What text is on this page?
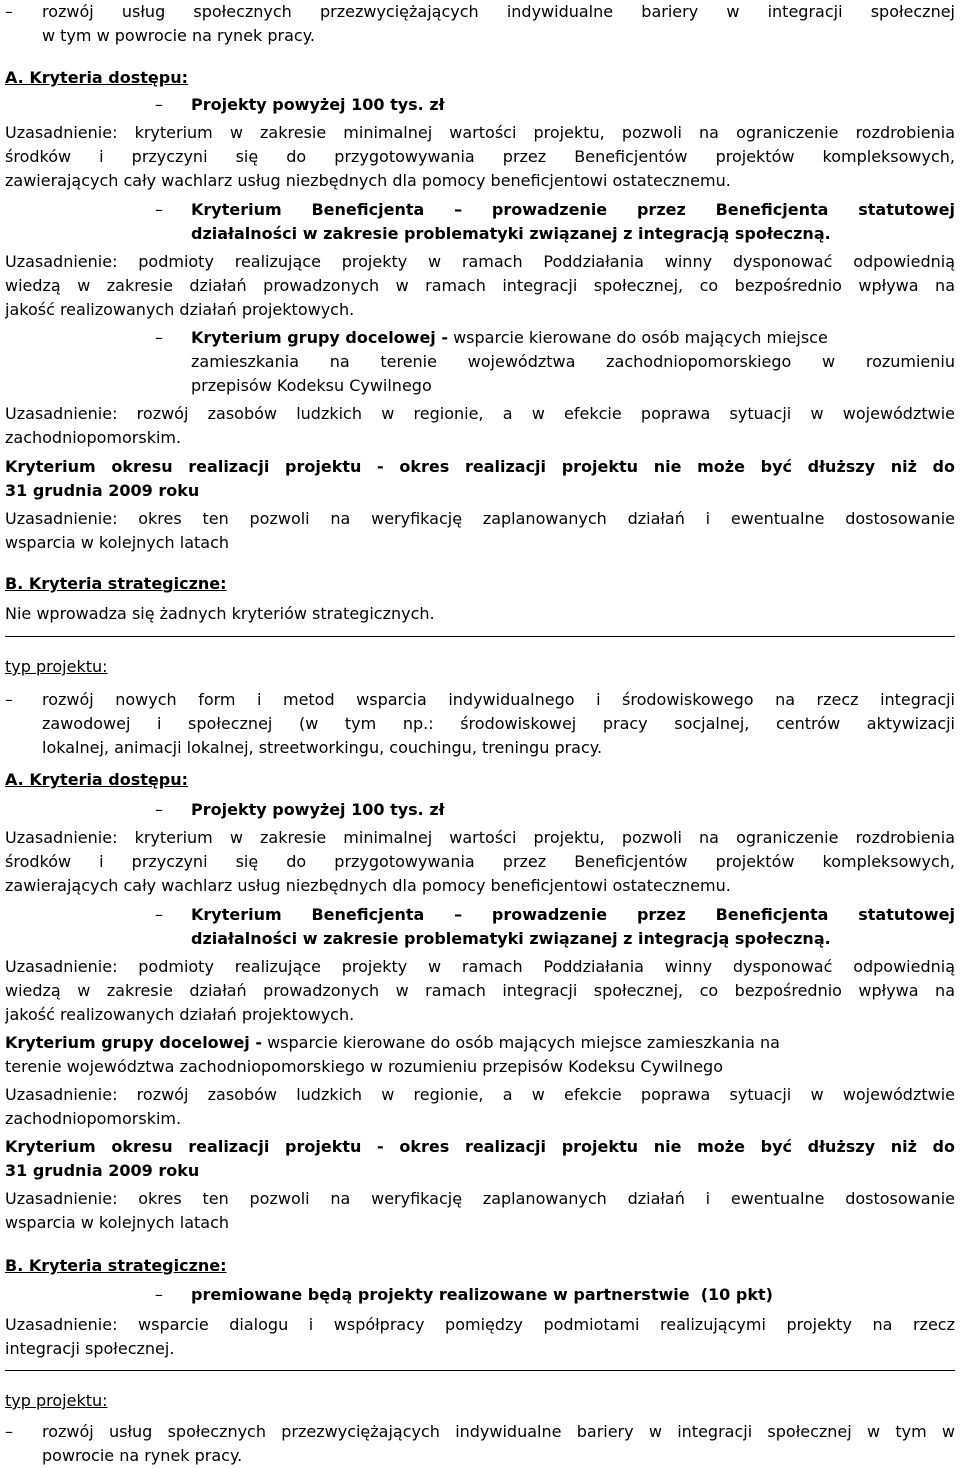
– rozwój usług społecznych przezwyciężających indywidualne bariery w integracji społecznej
w tym w powrocie na rynek pracy.
A. Kryteria dostępu:
– Projekty powyżej 100 tys. zł
Uzasadnienie: kryterium w zakresie minimalnej wartości projektu, pozwoli na ograniczenie rozdrobienia
środków i przyczyni się do przygotowywania przez Beneficjentów projektów kompleksowych,
zawierających cały wachlarz usług niezbędnych dla pomocy beneficjentowi ostatecznemu.
– Kryterium Beneficjenta – prowadzenie przez Beneficjenta statutowej
działalności w zakresie problematyki związanej z integracją społeczną.
Uzasadnienie: podmioty realizujące projekty w ramach Poddziałania winny dysponować odpowiednią
wiedzą w zakresie działań prowadzonych w ramach integracji społecznej, co bezpośrednio wpływa na
jakość realizowanych działań projektowych.
– Kryterium grupy docelowej - wsparcie kierowane do osób mających miejsce
zamieszkania na terenie województwa zachodniopomorskiego w rozumieniu
przepisów Kodeksu Cywilnego
Uzasadnienie: rozwój zasobów ludzkich w regionie, a w efekcie poprawa sytuacji w województwie
zachodniopomorskim.
Kryterium okresu realizacji projektu - okres realizacji projektu nie może być dłuższy niż do
31 grudnia 2009 roku
Uzasadnienie: okres ten pozwoli na weryfikację zaplanowanych działań i ewentualne dostosowanie
wsparcia w kolejnych latach
B. Kryteria strategiczne:
Nie wprowadza się żadnych kryteriów strategicznych.
typ projektu:
– rozwój nowych form i metod wsparcia indywidualnego i środowiskowego na rzecz integracji
zawodowej i społecznej (w tym np.: środowiskowej pracy socjalnej, centrów aktywizacji
lokalnej, animacji lokalnej, streetworkingu, couchingu, treningu pracy.
A. Kryteria dostępu:
– Projekty powyżej 100 tys. zł
Uzasadnienie: kryterium w zakresie minimalnej wartości projektu, pozwoli na ograniczenie rozdrobienia
środków i przyczyni się do przygotowywania przez Beneficjentów projektów kompleksowych,
zawierających cały wachlarz usług niezbędnych dla pomocy beneficjentowi ostatecznemu.
– Kryterium Beneficjenta – prowadzenie przez Beneficjenta statutowej
działalności w zakresie problematyki związanej z integracją społeczną.
Uzasadnienie: podmioty realizujące projekty w ramach Poddziałania winny dysponować odpowiednią
wiedzą w zakresie działań prowadzonych w ramach integracji społecznej, co bezpośrednio wpływa na
jakość realizowanych działań projektowych.
Kryterium grupy docelowej - wsparcie kierowane do osób mających miejsce zamieszkania na
terenie województwa zachodniopomorskiego w rozumieniu przepisów Kodeksu Cywilnego
Uzasadnienie: rozwój zasobów ludzkich w regionie, a w efekcie poprawa sytuacji w województwie
zachodniopomorskim.
Kryterium okresu realizacji projektu - okres realizacji projektu nie może być dłuższy niż do
31 grudnia 2009 roku
Uzasadnienie: okres ten pozwoli na weryfikację zaplanowanych działań i ewentualne dostosowanie
wsparcia w kolejnych latach
B. Kryteria strategiczne:
– premiowane będą projekty realizowane w partnerstwie  (10 pkt)
Uzasadnienie: wsparcie dialogu i współpracy pomiędzy podmiotami realizującymi projekty na rzecz
integracji społecznej.
typ projektu:
– rozwój usług społecznych przezwyciężających indywidualne bariery w integracji społecznej w tym w
powrocie na rynek pracy.
